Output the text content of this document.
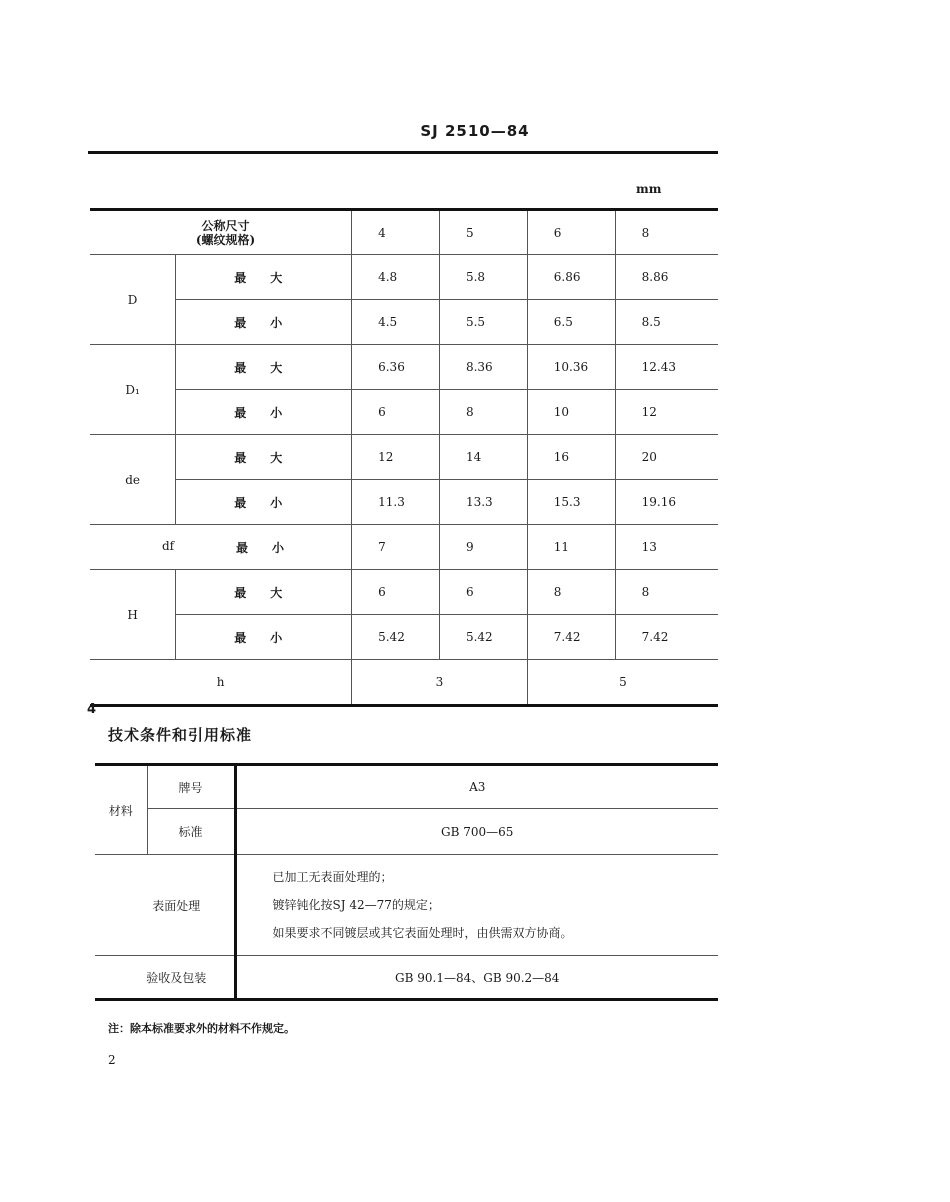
SJ 2510—84
mm
公称尺寸
(螺纹规格)		4	5	6	8
D	最　　大	4.8	5.8	6.86	8.86

	最　　小	4.5	5.5	6.5	8.5
D₁	最　　大	6.36	8.36	10.36	12.43

	最　　小	6	8	10	12
de	最　　大	12	14	16	20

	最　　小	11.3	13.3	15.3	19.16

df 最　　小		7	9	11	13
H	最　　大	6	6	8	8

	最　　小	5.42	5.42	7.42	7.42
h		3		5	
4
技术条件和引用标准
材料	牌号	A3
	标准	GB 700—65
表面处理		已加工无表面处理的；
镀锌钝化按SJ 42—77的规定；
如果要求不同镀层或其它表面处理时，由供需双方协商。

验收及包装		GB 90.1—84、GB 90.2—84
注：除本标准要求外的材料不作规定。
2
